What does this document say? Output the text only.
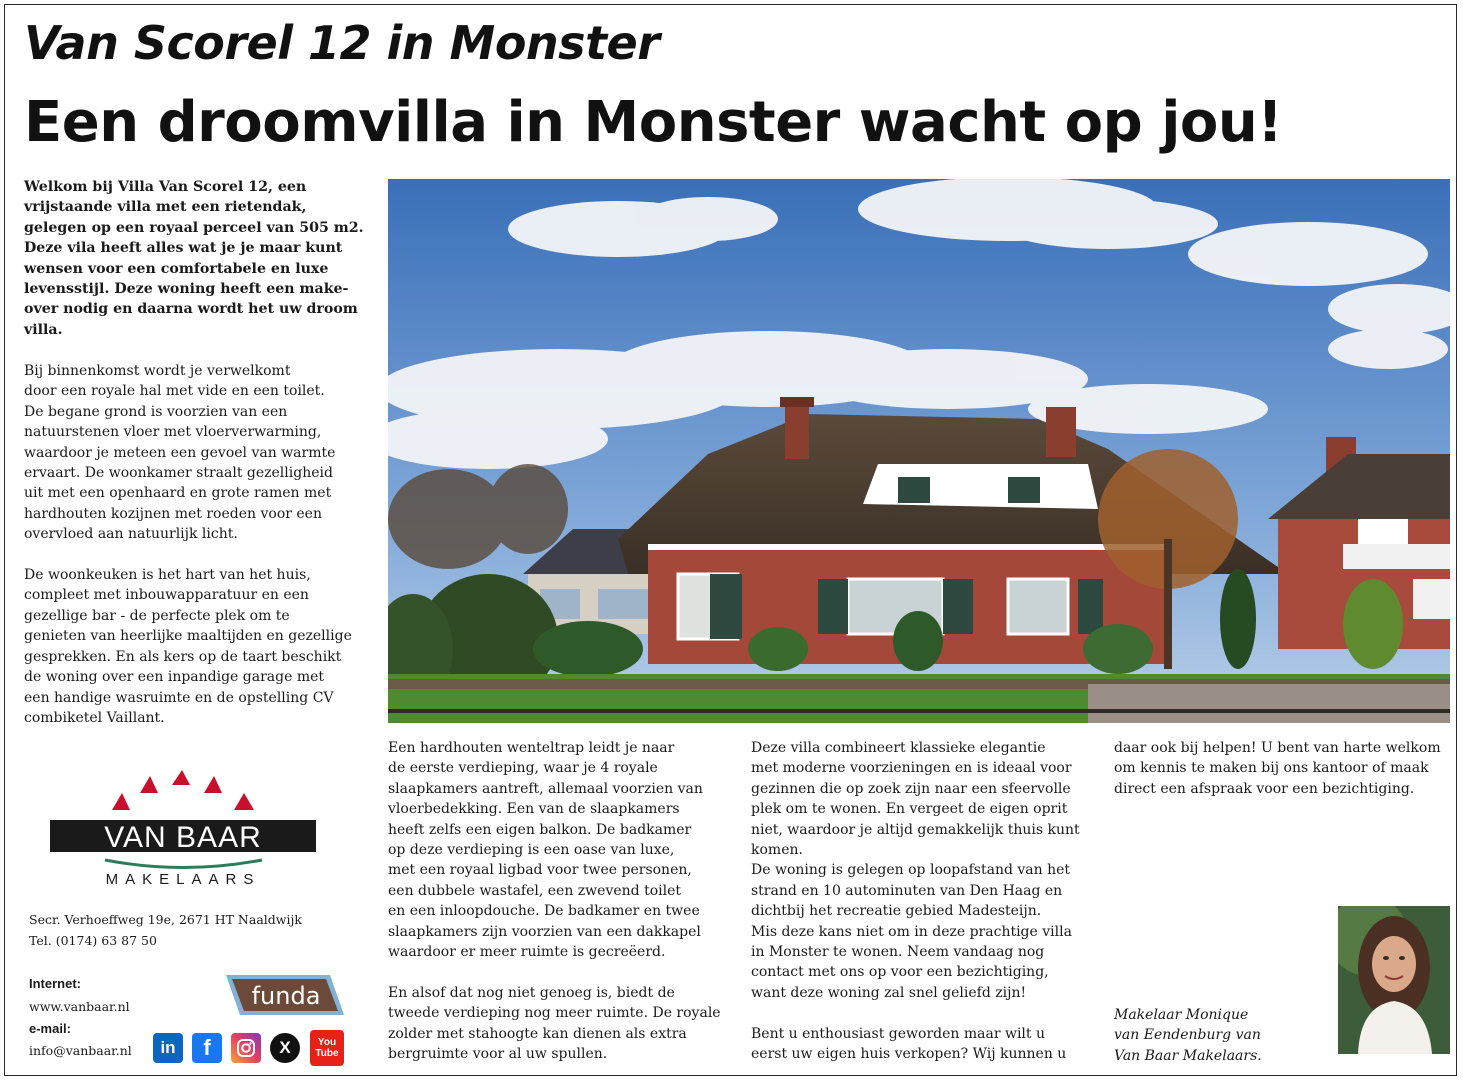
Van Scorel 12 in Monster
Een droomvilla in Monster wacht op jou!

Welkom bij Villa Van Scorel 12, een
vrijstaande villa met een rietendak,
gelegen op een royaal perceel van 505 m2.
Deze vila heeft alles wat je je maar kunt
wensen voor een comfortabele en luxe
levensstijl. Deze woning heeft een make-
over nodig en daarna wordt het uw droom
villa.

Bij binnenkomst wordt je verwelkomt
door een royale hal met vide en een toilet.
De begane grond is voorzien van een
natuurstenen vloer met vloerverwarming,
waardoor je meteen een gevoel van warmte
ervaart. De woonkamer straalt gezelligheid
uit met een openhaard en grote ramen met
hardhouten kozijnen met roeden voor een
overvloed aan natuurlijk licht.

De woonkeuken is het hart van het huis,
compleet met inbouwapparatuur en een
gezellige bar - de perfecte plek om te
genieten van heerlijke maaltijden en gezellige
gesprekken. En als kers op de taart beschikt
de woning over een inpandige garage met
een handige wasruimte en de opstelling CV
combiketel Vaillant.

Een hardhouten wenteltrap leidt je naar
de eerste verdieping, waar je 4 royale
slaapkamers aantreft, allemaal voorzien van
vloerbedekking. Een van de slaapkamers
heeft zelfs een eigen balkon. De badkamer
op deze verdieping is een oase van luxe,
met een royaal ligbad voor twee personen,
een dubbele wastafel, een zwevend toilet
en een inloopdouche. De badkamer en twee
slaapkamers zijn voorzien van een dakkapel
waardoor er meer ruimte is gecreëerd.

En alsof dat nog niet genoeg is, biedt de
tweede verdieping nog meer ruimte. De royale
zolder met stahoogte kan dienen als extra
bergruimte voor al uw spullen.

Deze villa combineert klassieke elegantie
met moderne voorzieningen en is ideaal voor
gezinnen die op zoek zijn naar een sfeervolle
plek om te wonen. En vergeet de eigen oprit
niet, waardoor je altijd gemakkelijk thuis kunt
komen.
De woning is gelegen op loopafstand van het
strand en 10 autominuten van Den Haag en
dichtbij het recreatie gebied Madesteijn.
Mis deze kans niet om in deze prachtige villa
in Monster te wonen. Neem vandaag nog
contact met ons op voor een bezichtiging,
want deze woning zal snel geliefd zijn!

Bent u enthousiast geworden maar wilt u
eerst uw eigen huis verkopen? Wij kunnen u

daar ook bij helpen! U bent van harte welkom
om kennis te maken bij ons kantoor of maak
direct een afspraak voor een bezichtiging.

Makelaar Monique
van Eendenburg van
Van Baar Makelaars.

VAN BAAR
MAKELAARS

Secr. Verhoeffweg 19e, 2671 HT Naaldwijk
Tel. (0174) 63 87 50

Internet:

www.vanbaar.nl

e-mail:

info@vanbaar.nl
funda
in f	X	You Tube
